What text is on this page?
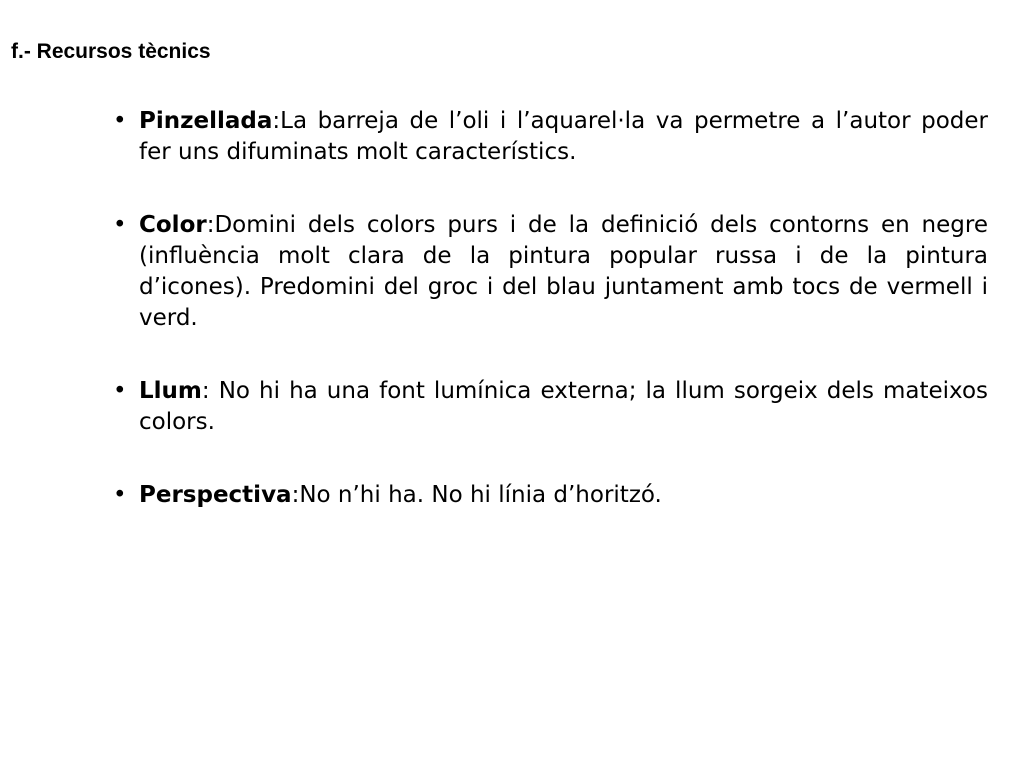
f.- Recursos tècnics
• Pinzellada:La barreja de l’oli i l’aquarel·la va permetre a l’autor poder fer uns difuminats molt característics.
• Color:Domini dels colors purs i de la definició dels contorns en negre (influència molt clara de la pintura popular russa i de la pintura d’icones). Predomini del groc i del blau juntament amb tocs de vermell i verd.
• Llum: No hi ha una font lumínica externa; la llum sorgeix dels mateixos colors.
• Perspectiva:No n’hi ha. No hi línia d’horitzó.
